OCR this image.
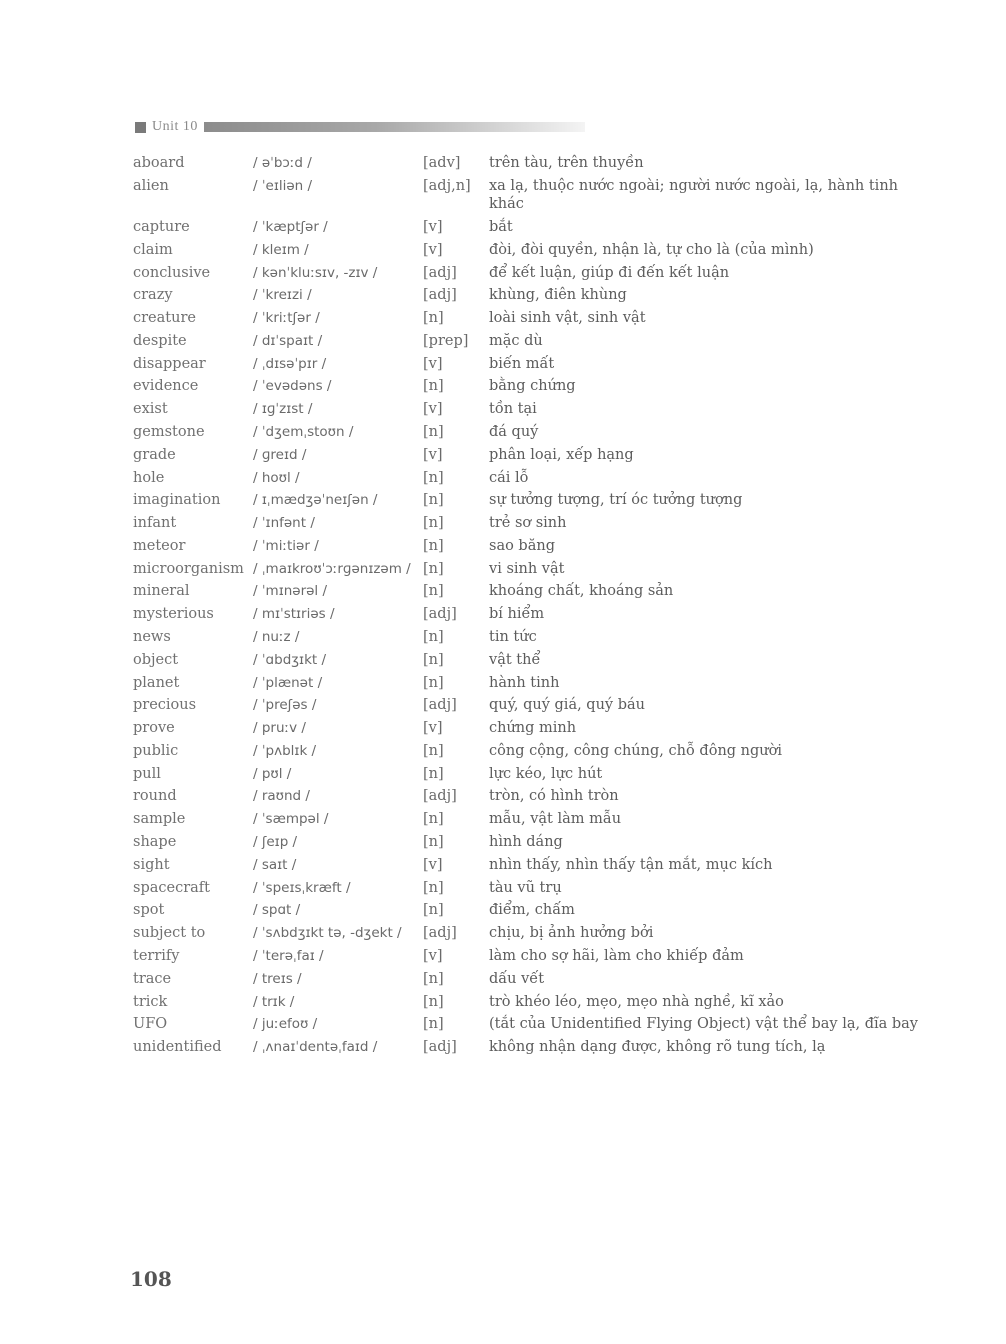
Unit 10
aboard	/ əˈbɔːd /	[adv]	trên tàu, trên thuyền
alien	/ ˈeɪliən /	[adj,n]	xa lạ, thuộc nước ngoài; người nước ngoài, lạ, hành tinh khác
capture	/ ˈkæptʃər /	[v]	bắt
claim	/ kleɪm /	[v]	đòi, đòi quyền, nhận là, tự cho là (của mình)
conclusive	/ kənˈkluːsɪv, -zɪv /	[adj]	để kết luận, giúp đi đến kết luận
crazy	/ ˈkreɪzi /	[adj]	khùng, điên khùng
creature	/ ˈkriːtʃər /	[n]	loài sinh vật, sinh vật
despite	/ dɪˈspaɪt /	[prep]	mặc dù
disappear	/ ˌdɪsəˈpɪr /	[v]	biến mất
evidence	/ ˈevədəns /	[n]	bằng chứng
exist	/ ɪɡˈzɪst /	[v]	tồn tại
gemstone	/ ˈdʒemˌstoʊn /	[n]	đá quý
grade	/ ɡreɪd /	[v]	phân loại, xếp hạng
hole	/ hoʊl /	[n]	cái lỗ
imagination	/ ɪˌmædʒəˈneɪʃən /	[n]	sự tưởng tượng, trí óc tưởng tượng
infant	/ ˈɪnfənt /	[n]	trẻ sơ sinh
meteor	/ ˈmiːtiər /	[n]	sao băng
microorganism / ˌmaɪkroʊˈɔːrɡənɪzəm / [n]	vi sinh vật
mineral	/ ˈmɪnərəl /	[n]	khoáng chất, khoáng sản
mysterious	/ mɪˈstɪriəs /	[adj]	bí hiểm
news	/ nuːz /	[n]	tin tức
object	/ ˈɑbdʒɪkt /	[n]	vật thể
planet	/ ˈplænət /	[n]	hành tinh
precious	/ ˈpreʃəs /	[adj]	quý, quý giá, quý báu
prove	/ pruːv /	[v]	chứng minh
public	/ ˈpʌblɪk /	[n]	công cộng, công chúng, chỗ đông người
pull	/ pʊl /	[n]	lực kéo, lực hút
round	/ raʊnd /	[adj]	tròn, có hình tròn
sample	/ ˈsæmpəl /	[n]	mẫu, vật làm mẫu
shape	/ ʃeɪp /	[n]	hình dáng
sight	/ saɪt /	[v]	nhìn thấy, nhìn thấy tận mắt, mục kích
spacecraft	/ ˈspeɪsˌkræft /	[n]	tàu vũ trụ
spot	/ spɑt /	[n]	điểm, chấm
subject to	/ ˈsʌbdʒɪkt tə, -dʒekt /	[adj]	chịu, bị ảnh hưởng bởi
terrify	/ ˈterəˌfaɪ /	[v]	làm cho sợ hãi, làm cho khiếp đảm
trace	/ treɪs /	[n]	dấu vết
trick	/ trɪk /	[n]	trò khéo léo, mẹo, mẹo nhà nghề, kĩ xảo
UFO	/ juːefoʊ /	[n]	(tắt của Unidentified Flying Object) vật thể bay lạ, đĩa bay
unidentified	/ ˌʌnaɪˈdentəˌfaɪd /	[adj]	không nhận dạng được, không rõ tung tích, lạ
108
